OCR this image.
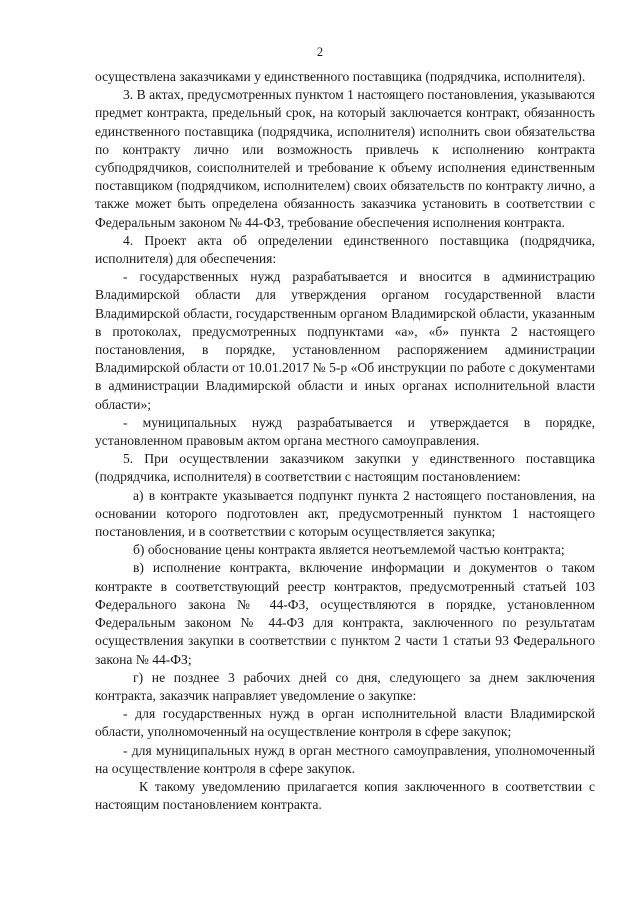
2

осуществлена заказчиками у единственного поставщика (подрядчика, исполнителя).

3. В актах, предусмотренных пунктом 1 настоящего постановления, указываются предмет контракта, предельный срок, на который заключается контракт, обязанность единственного поставщика (подрядчика, исполнителя) исполнить свои обязательства по контракту лично или возможность привлечь к исполнению контракта субподрядчиков, соисполнителей и требование к объему исполнения единственным поставщиком (подрядчиком, исполнителем) своих обязательств по контракту лично, а также может быть определена обязанность заказчика установить в соответствии с Федеральным законом № 44-ФЗ, требование обеспечения исполнения контракта.

4. Проект акта об определении единственного поставщика (подрядчика, исполнителя) для обеспечения:

- государственных нужд разрабатывается и вносится в администрацию Владимирской области для утверждения органом государственной власти Владимирской области, государственным органом Владимирской области, указанным в протоколах, предусмотренных подпунктами «а», «б» пункта 2 настоящего постановления, в порядке, установленном распоряжением администрации Владимирской области от 10.01.2017 № 5-р «Об инструкции по работе с документами в администрации Владимирской области и иных органах исполнительной власти области»;

- муниципальных нужд разрабатывается и утверждается в порядке, установленном правовым актом органа местного самоуправления.

5. При осуществлении заказчиком закупки у единственного поставщика (подрядчика, исполнителя) в соответствии с настоящим постановлением:

а) в контракте указывается подпункт пункта 2 настоящего постановления, на основании которого подготовлен акт, предусмотренный пунктом 1 настоящего постановления, и в соответствии с которым осуществляется закупка;

б) обоснование цены контракта является неотъемлемой частью контракта;

в) исполнение контракта, включение информации и документов о таком контракте в соответствующий реестр контрактов, предусмотренный статьей 103 Федерального закона № 44-ФЗ, осуществляются в порядке, установленном Федеральным законом № 44-ФЗ для контракта, заключенного по результатам осуществления закупки в соответствии с пунктом 2 части 1 статьи 93 Федерального закона № 44-ФЗ;

г) не позднее 3 рабочих дней со дня, следующего за днем заключения контракта, заказчик направляет уведомление о закупке:

- для государственных нужд в орган исполнительной власти Владимирской области, уполномоченный на осуществление контроля в сфере закупок;

- для муниципальных нужд в орган местного самоуправления, уполномоченный на осуществление контроля в сфере закупок.

К такому уведомлению прилагается копия заключенного в соответствии с настоящим постановлением контракта.
